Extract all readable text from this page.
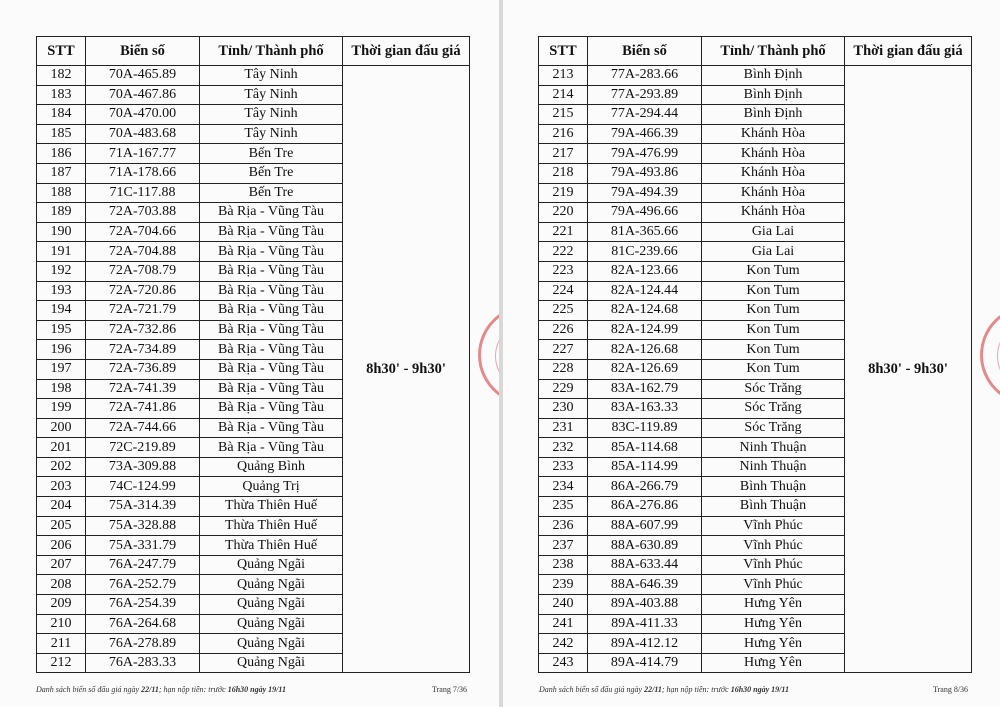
STT	Biển số	Tỉnh/ Thành phố	Thời gian đấu giá
182	70A-465.89	Tây Ninh	8h30' - 9h30'
183	70A-467.86	Tây Ninh	
184	70A-470.00	Tây Ninh	
185	70A-483.68	Tây Ninh	
186	71A-167.77	Bến Tre	
187	71A-178.66	Bến Tre	
188	71C-117.88	Bến Tre	
189	72A-703.88	Bà Rịa - Vũng Tàu	
190	72A-704.66	Bà Rịa - Vũng Tàu	
191	72A-704.88	Bà Rịa - Vũng Tàu	
192	72A-708.79	Bà Rịa - Vũng Tàu	
193	72A-720.86	Bà Rịa - Vũng Tàu	
194	72A-721.79	Bà Rịa - Vũng Tàu	
195	72A-732.86	Bà Rịa - Vũng Tàu	
196	72A-734.89	Bà Rịa - Vũng Tàu	
197	72A-736.89	Bà Rịa - Vũng Tàu	
198	72A-741.39	Bà Rịa - Vũng Tàu	
199	72A-741.86	Bà Rịa - Vũng Tàu	
200	72A-744.66	Bà Rịa - Vũng Tàu	
201	72C-219.89	Bà Rịa - Vũng Tàu	
202	73A-309.88	Quảng Bình	
203	74C-124.99	Quảng Trị	
204	75A-314.39	Thừa Thiên Huế	
205	75A-328.88	Thừa Thiên Huế	
206	75A-331.79	Thừa Thiên Huế	
207	76A-247.79	Quảng Ngãi	
208	76A-252.79	Quảng Ngãi	
209	76A-254.39	Quảng Ngãi	
210	76A-264.68	Quảng Ngãi	
211	76A-278.89	Quảng Ngãi	
212	76A-283.33	Quảng Ngãi	
Danh sách biển số đấu giá ngày 22/11; hạn nộp tiền: trước 16h30 ngày 19/11	Trang 7/36
STT	Biển số	Tỉnh/ Thành phố	Thời gian đấu giá
213	77A-283.66	Bình Định	8h30' - 9h30'
214	77A-293.89	Bình Định	
215	77A-294.44	Bình Định	
216	79A-466.39	Khánh Hòa	
217	79A-476.99	Khánh Hòa	
218	79A-493.86	Khánh Hòa	
219	79A-494.39	Khánh Hòa	
220	79A-496.66	Khánh Hòa	
221	81A-365.66	Gia Lai	
222	81C-239.66	Gia Lai	
223	82A-123.66	Kon Tum	
224	82A-124.44	Kon Tum	
225	82A-124.68	Kon Tum	
226	82A-124.99	Kon Tum	
227	82A-126.68	Kon Tum	
228	82A-126.69	Kon Tum	
229	83A-162.79	Sóc Trăng	
230	83A-163.33	Sóc Trăng	
231	83C-119.89	Sóc Trăng	
232	85A-114.68	Ninh Thuận	
233	85A-114.99	Ninh Thuận	
234	86A-266.79	Bình Thuận	
235	86A-276.86	Bình Thuận	
236	88A-607.99	Vĩnh Phúc	
237	88A-630.89	Vĩnh Phúc	
238	88A-633.44	Vĩnh Phúc	
239	88A-646.39	Vĩnh Phúc	
240	89A-403.88	Hưng Yên	
241	89A-411.33	Hưng Yên	
242	89A-412.12	Hưng Yên	
243	89A-414.79	Hưng Yên	
Danh sách biển số đấu giá ngày 22/11; hạn nộp tiền: trước 16h30 ngày 19/11	Trang 8/36
